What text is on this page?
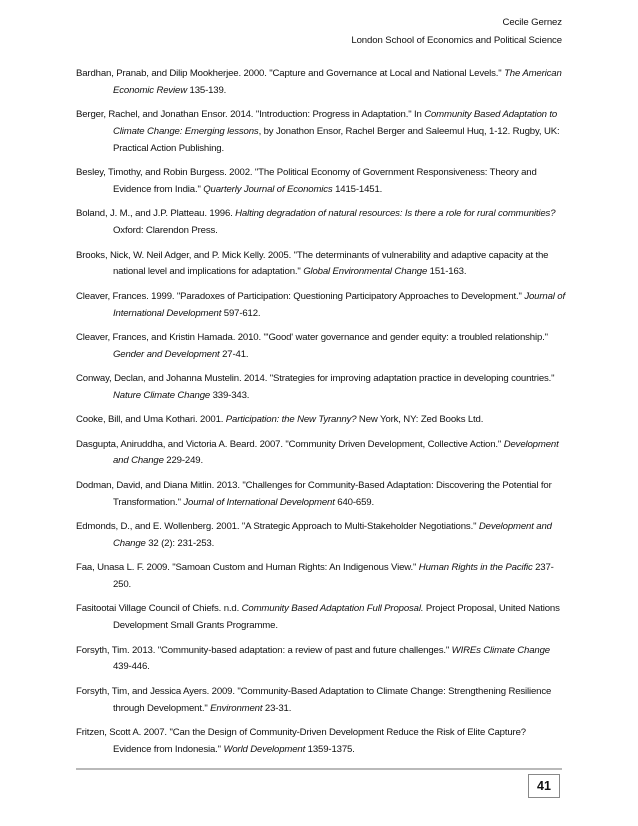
Cecile Gernez
London School of Economics and Political Science

Bardhan, Pranab, and Dilip Mookherjee. 2000. "Capture and Governance at Local and National Levels." The American Economic Review 135-139.

Berger, Rachel, and Jonathan Ensor. 2014. "Introduction: Progress in Adaptation." In Community Based Adaptation to Climate Change: Emerging lessons, by Jonathon Ensor, Rachel Berger and Saleemul Huq, 1-12. Rugby, UK: Practical Action Publishing.

Besley, Timothy, and Robin Burgess. 2002. "The Political Economy of Government Responsiveness: Theory and Evidence from India." Quarterly Journal of Economics 1415-1451.

Boland, J. M., and J.P. Platteau. 1996. Halting degradation of natural resources: Is there a role for rural communities? Oxford: Clarendon Press.

Brooks, Nick, W. Neil Adger, and P. Mick Kelly. 2005. "The determinants of vulnerability and adaptive capacity at the national level and implications for adaptation." Global Environmental Change 151-163.

Cleaver, Frances. 1999. "Paradoxes of Participation: Questioning Participatory Approaches to Development." Journal of International Development 597-612.

Cleaver, Frances, and Kristin Hamada. 2010. "'Good' water governance and gender equity: a troubled relationship." Gender and Development 27-41.

Conway, Declan, and Johanna Mustelin. 2014. "Strategies for improving adaptation practice in developing countries." Nature Climate Change 339-343.

Cooke, Bill, and Uma Kothari. 2001. Participation: the New Tyranny? New York, NY: Zed Books Ltd.

Dasgupta, Aniruddha, and Victoria A. Beard. 2007. "Community Driven Development, Collective Action." Development and Change 229-249.

Dodman, David, and Diana Mitlin. 2013. "Challenges for Community-Based Adaptation: Discovering the Potential for Transformation." Journal of International Development 640-659.

Edmonds, D., and E. Wollenberg. 2001. "A Strategic Approach to Multi-Stakeholder Negotiations." Development and Change 32 (2): 231-253.

Faa, Unasa L. F. 2009. "Samoan Custom and Human Rights: An Indigenous View." Human Rights in the Pacific 237-250.

Fasitootai Village Council of Chiefs. n.d. Community Based Adaptation Full Proposal. Project Proposal, United Nations Development Small Grants Programme.

Forsyth, Tim. 2013. "Community-based adaptation: a review of past and future challenges." WIREs Climate Change 439-446.

Forsyth, Tim, and Jessica Ayers. 2009. "Community-Based Adaptation to Climate Change: Strengthening Resilience through Development." Environment 23-31.

Fritzen, Scott A. 2007. "Can the Design of Community-Driven Development Reduce the Risk of Elite Capture? Evidence from Indonesia." World Development 1359-1375.

41
